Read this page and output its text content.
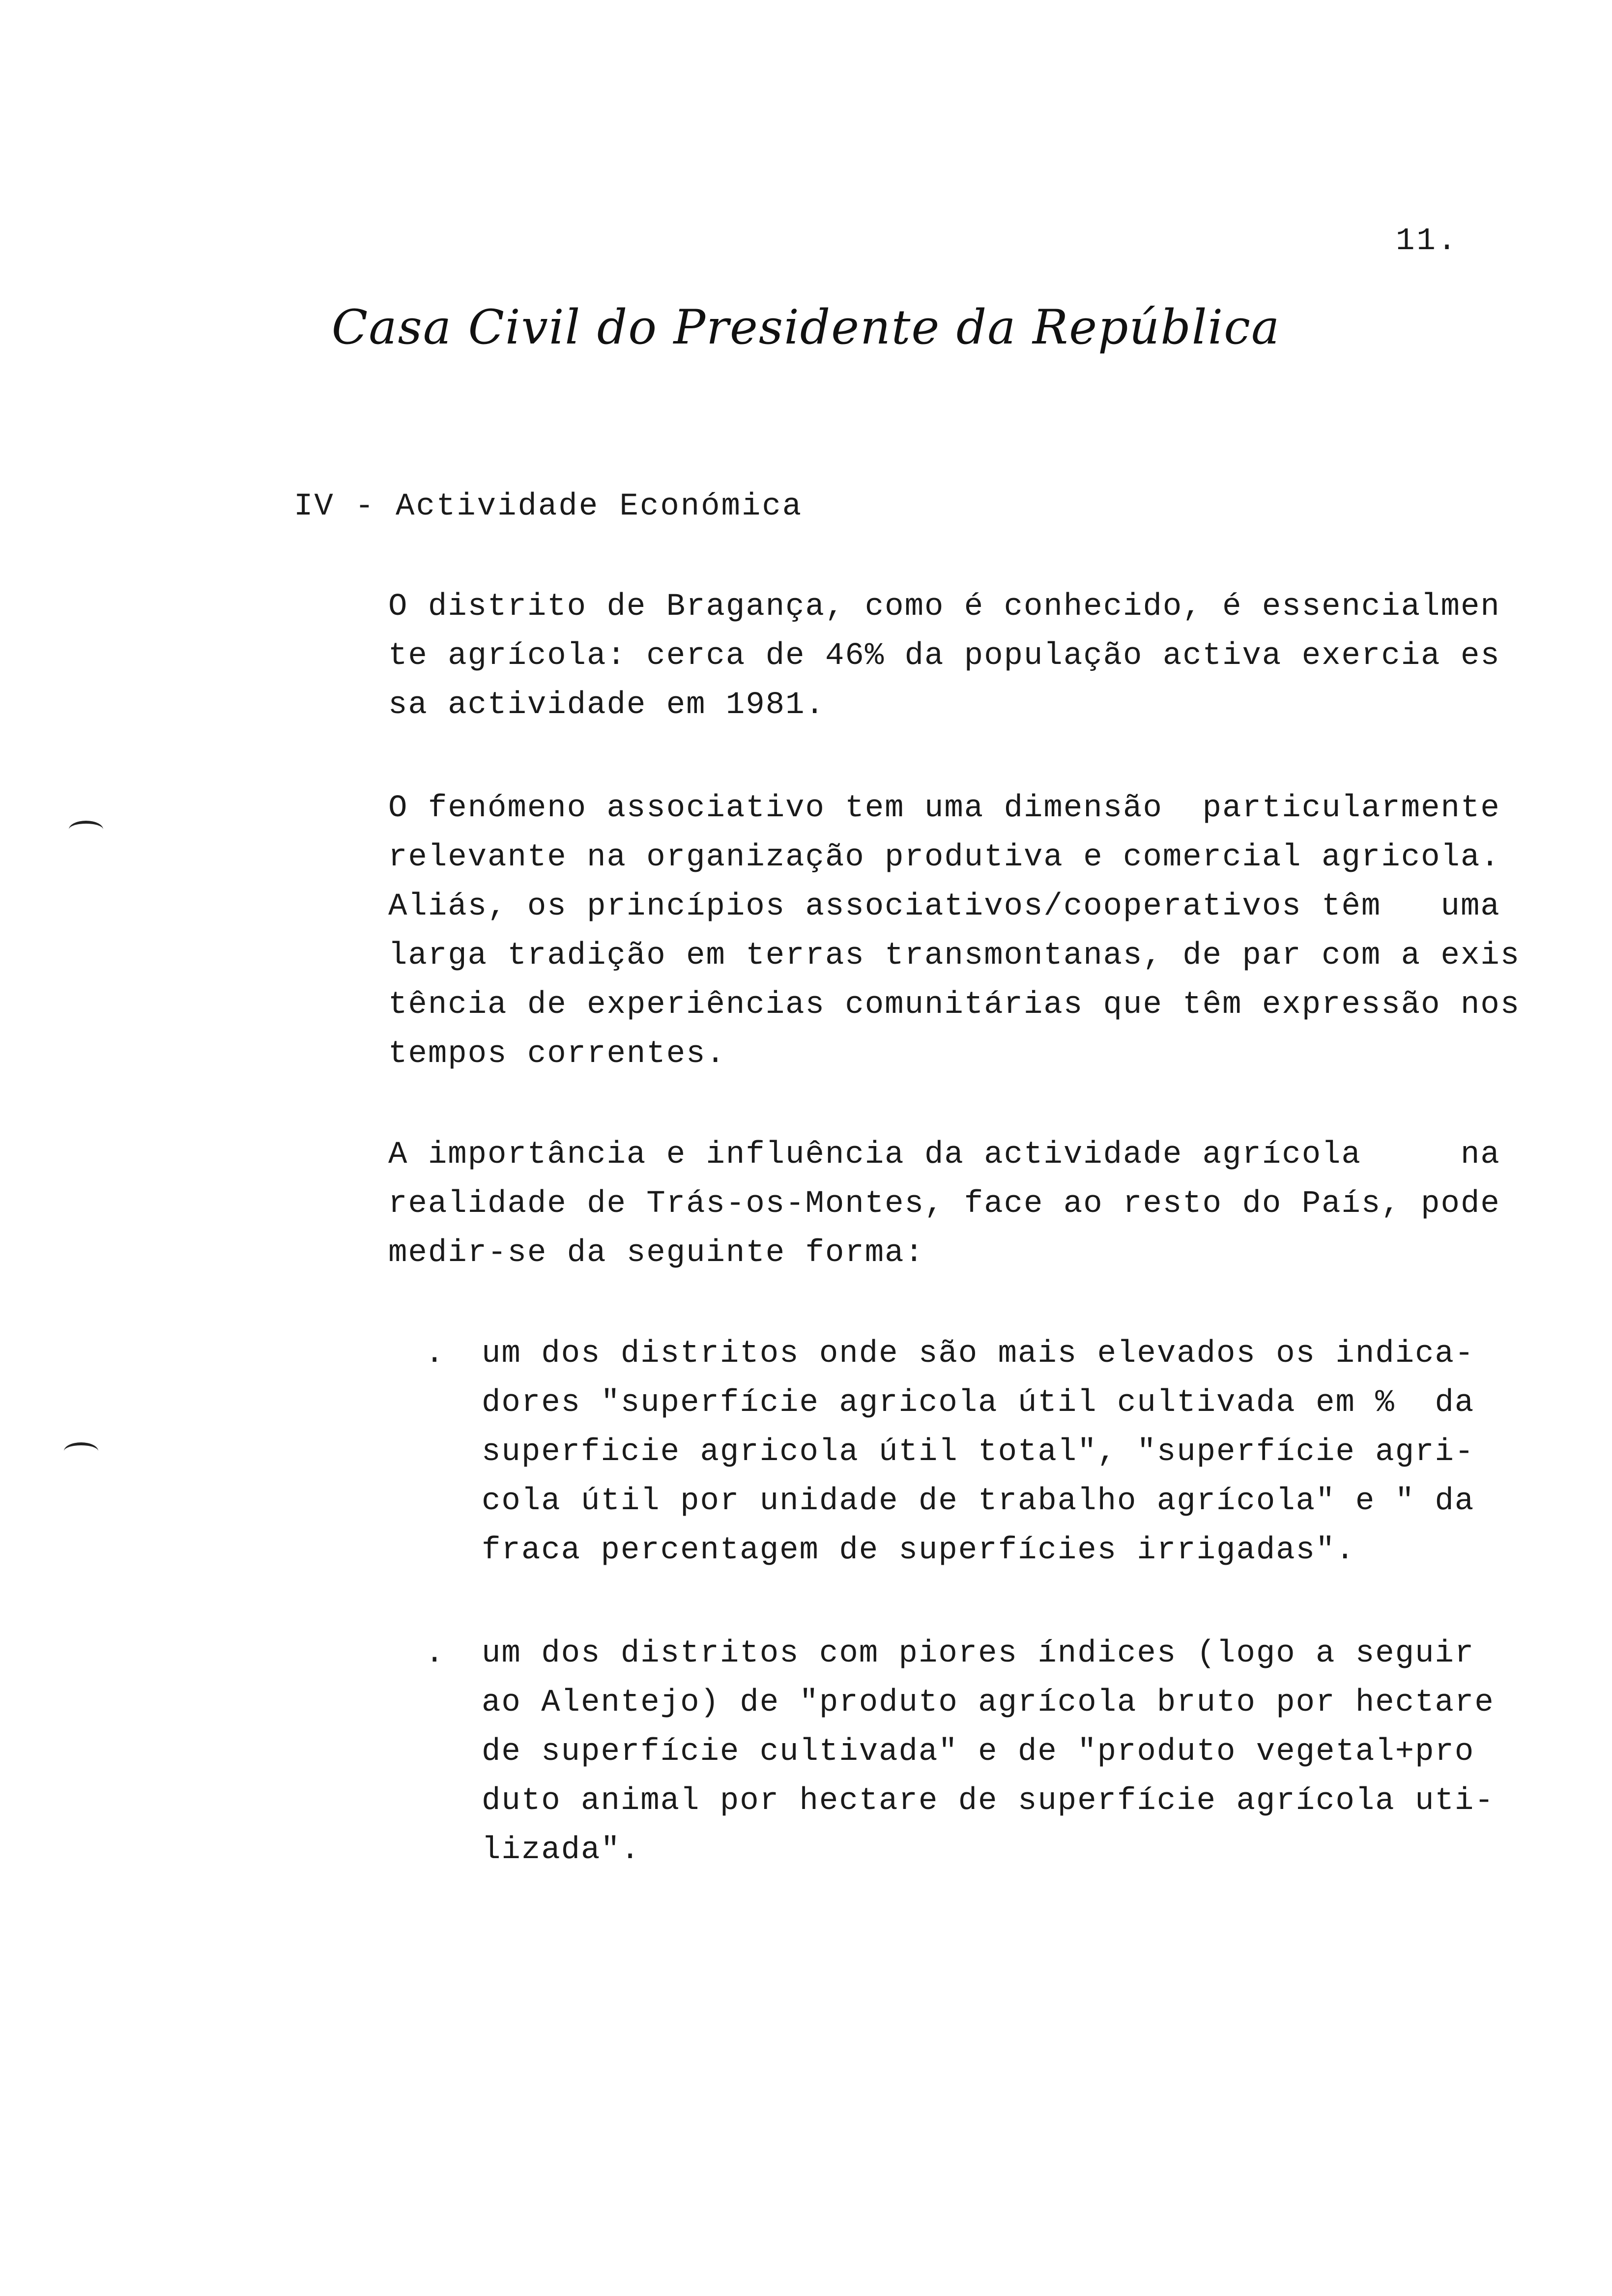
11.
Casa Civil do Presidente da República
IV - Actividade Económica
O distrito de Bragança, como é conhecido, é essencialmen
te agrícola: cerca de 46% da população activa exercia es
sa actividade em 1981.
O fenómeno associativo tem uma dimensão  particularmente
relevante na organização produtiva e comercial agricola.
Aliás, os princípios associativos/cooperativos têm   uma
larga tradição em terras transmontanas, de par com a exis
tência de experiências comunitárias que têm expressão nos
tempos correntes.
A importância e influência da actividade agrícola     na
realidade de Trás-os-Montes, face ao resto do País, pode
medir-se da seguinte forma:
. um dos distritos onde são mais elevados os indica-
dores "superfície agricola útil cultivada em %  da
superficie agricola útil total", "superfície agri-
cola útil por unidade de trabalho agrícola" e " da
fraca percentagem de superfícies irrigadas".
. um dos distritos com piores índices (logo a seguir
ao Alentejo) de "produto agrícola bruto por hectare
de superfície cultivada" e de "produto vegetal+pro
duto animal por hectare de superfície agrícola uti-
lizada".
